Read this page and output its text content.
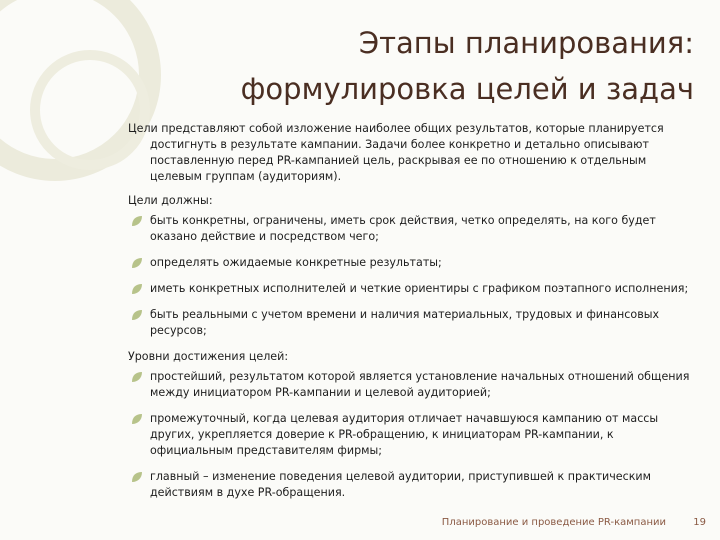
Этапы планирования:
формулировка целей и задач

Цели представляют собой изложение наиболее общих результатов, которые планируется достигнуть в результате кампании. Задачи более конкретно и детально описывают поставленную перед PR-кампанией цель, раскрывая ее по отношению к отдельным целевым группам (аудиториям).

Цели должны:

быть конкретны, ограничены, иметь срок действия, четко определять, на кого будет оказано действие и посредством чего;
определять ожидаемые конкретные результаты;
иметь конкретных исполнителей и четкие ориентиры с графиком поэтапного исполнения;
быть реальными с учетом времени и наличия материальных, трудовых и финансовых ресурсов;

Уровни достижения целей:

простейший, результатом которой является установление начальных отношений общения между инициатором PR-кампании и целевой аудиторией;
промежуточный, когда целевая аудитория отличает начавшуюся кампанию от массы других, укрепляется доверие к PR-обращению, к инициаторам PR-кампании, к официальным представителям фирмы;
главный – изменение поведения целевой аудитории, приступившей к практическим действиям в духе PR-обращения.
Планирование и проведение PR-кампании	19
